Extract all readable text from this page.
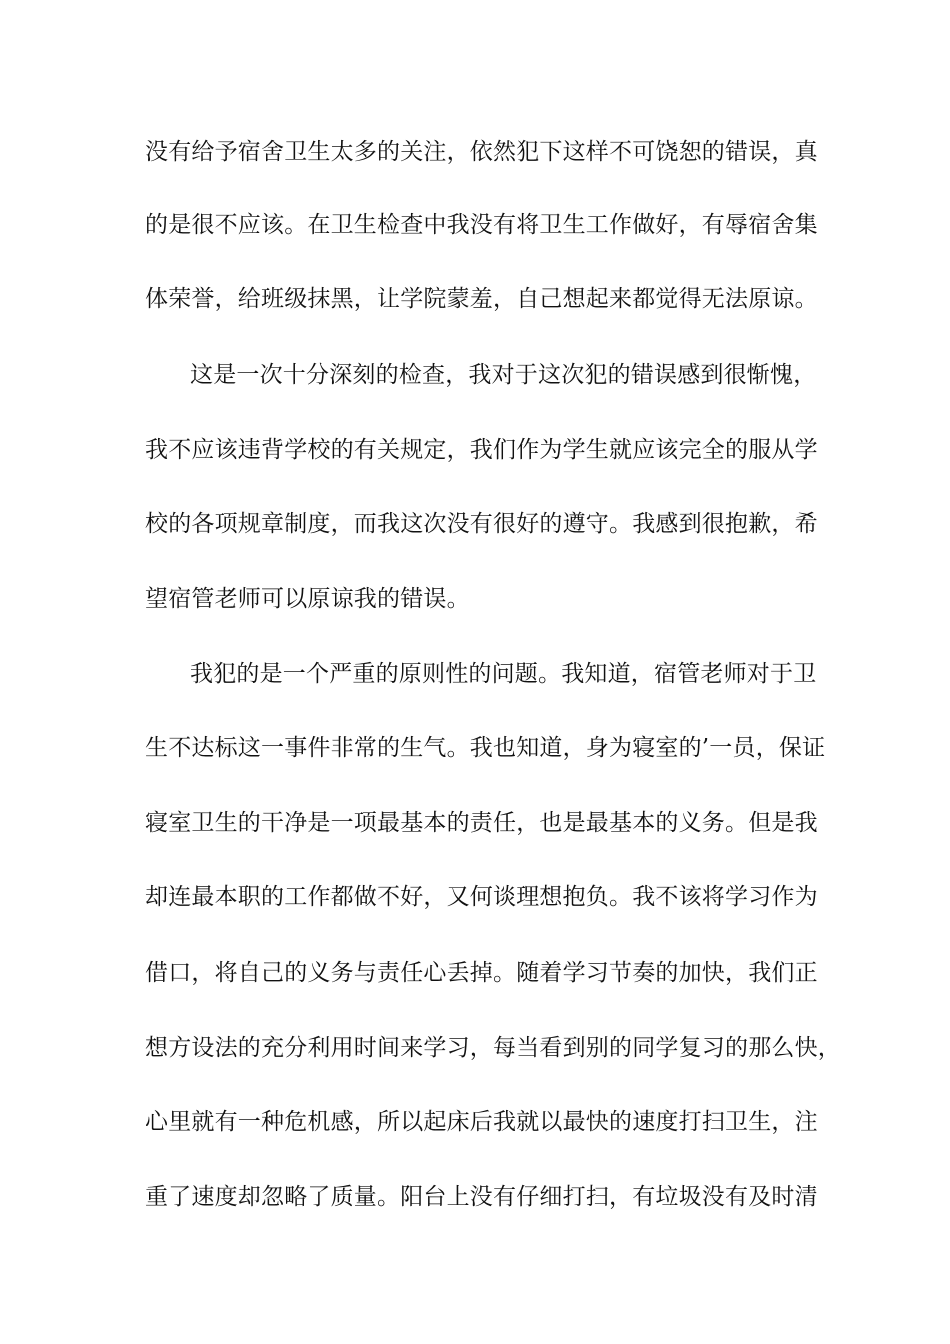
没有给予宿舍卫生太多的关注，依然犯下这样不可饶恕的错误，真
的是很不应该。在卫生检查中我没有将卫生工作做好，有辱宿舍集
体荣誉，给班级抹黑，让学院蒙羞，自己想起来都觉得无法原谅。
这是一次十分深刻的检查，我对于这次犯的错误感到很惭愧，
我不应该违背学校的有关规定，我们作为学生就应该完全的服从学
校的各项规章制度，而我这次没有很好的遵守。我感到很抱歉，希
望宿管老师可以原谅我的错误。
我犯的是一个严重的原则性的问题。我知道，宿管老师对于卫
生不达标这一事件非常的生气。我也知道，身为寝室的’一员，保证
寝室卫生的干净是一项最基本的责任，也是最基本的义务。但是我
却连最本职的工作都做不好，又何谈理想抱负。我不该将学习作为
借口，将自己的义务与责任心丢掉。随着学习节奏的加快，我们正
想方设法的充分利用时间来学习，每当看到别的同学复习的那么快，
心里就有一种危机感，所以起床后我就以最快的速度打扫卫生，注
重了速度却忽略了质量。阳台上没有仔细打扫，有垃圾没有及时清
